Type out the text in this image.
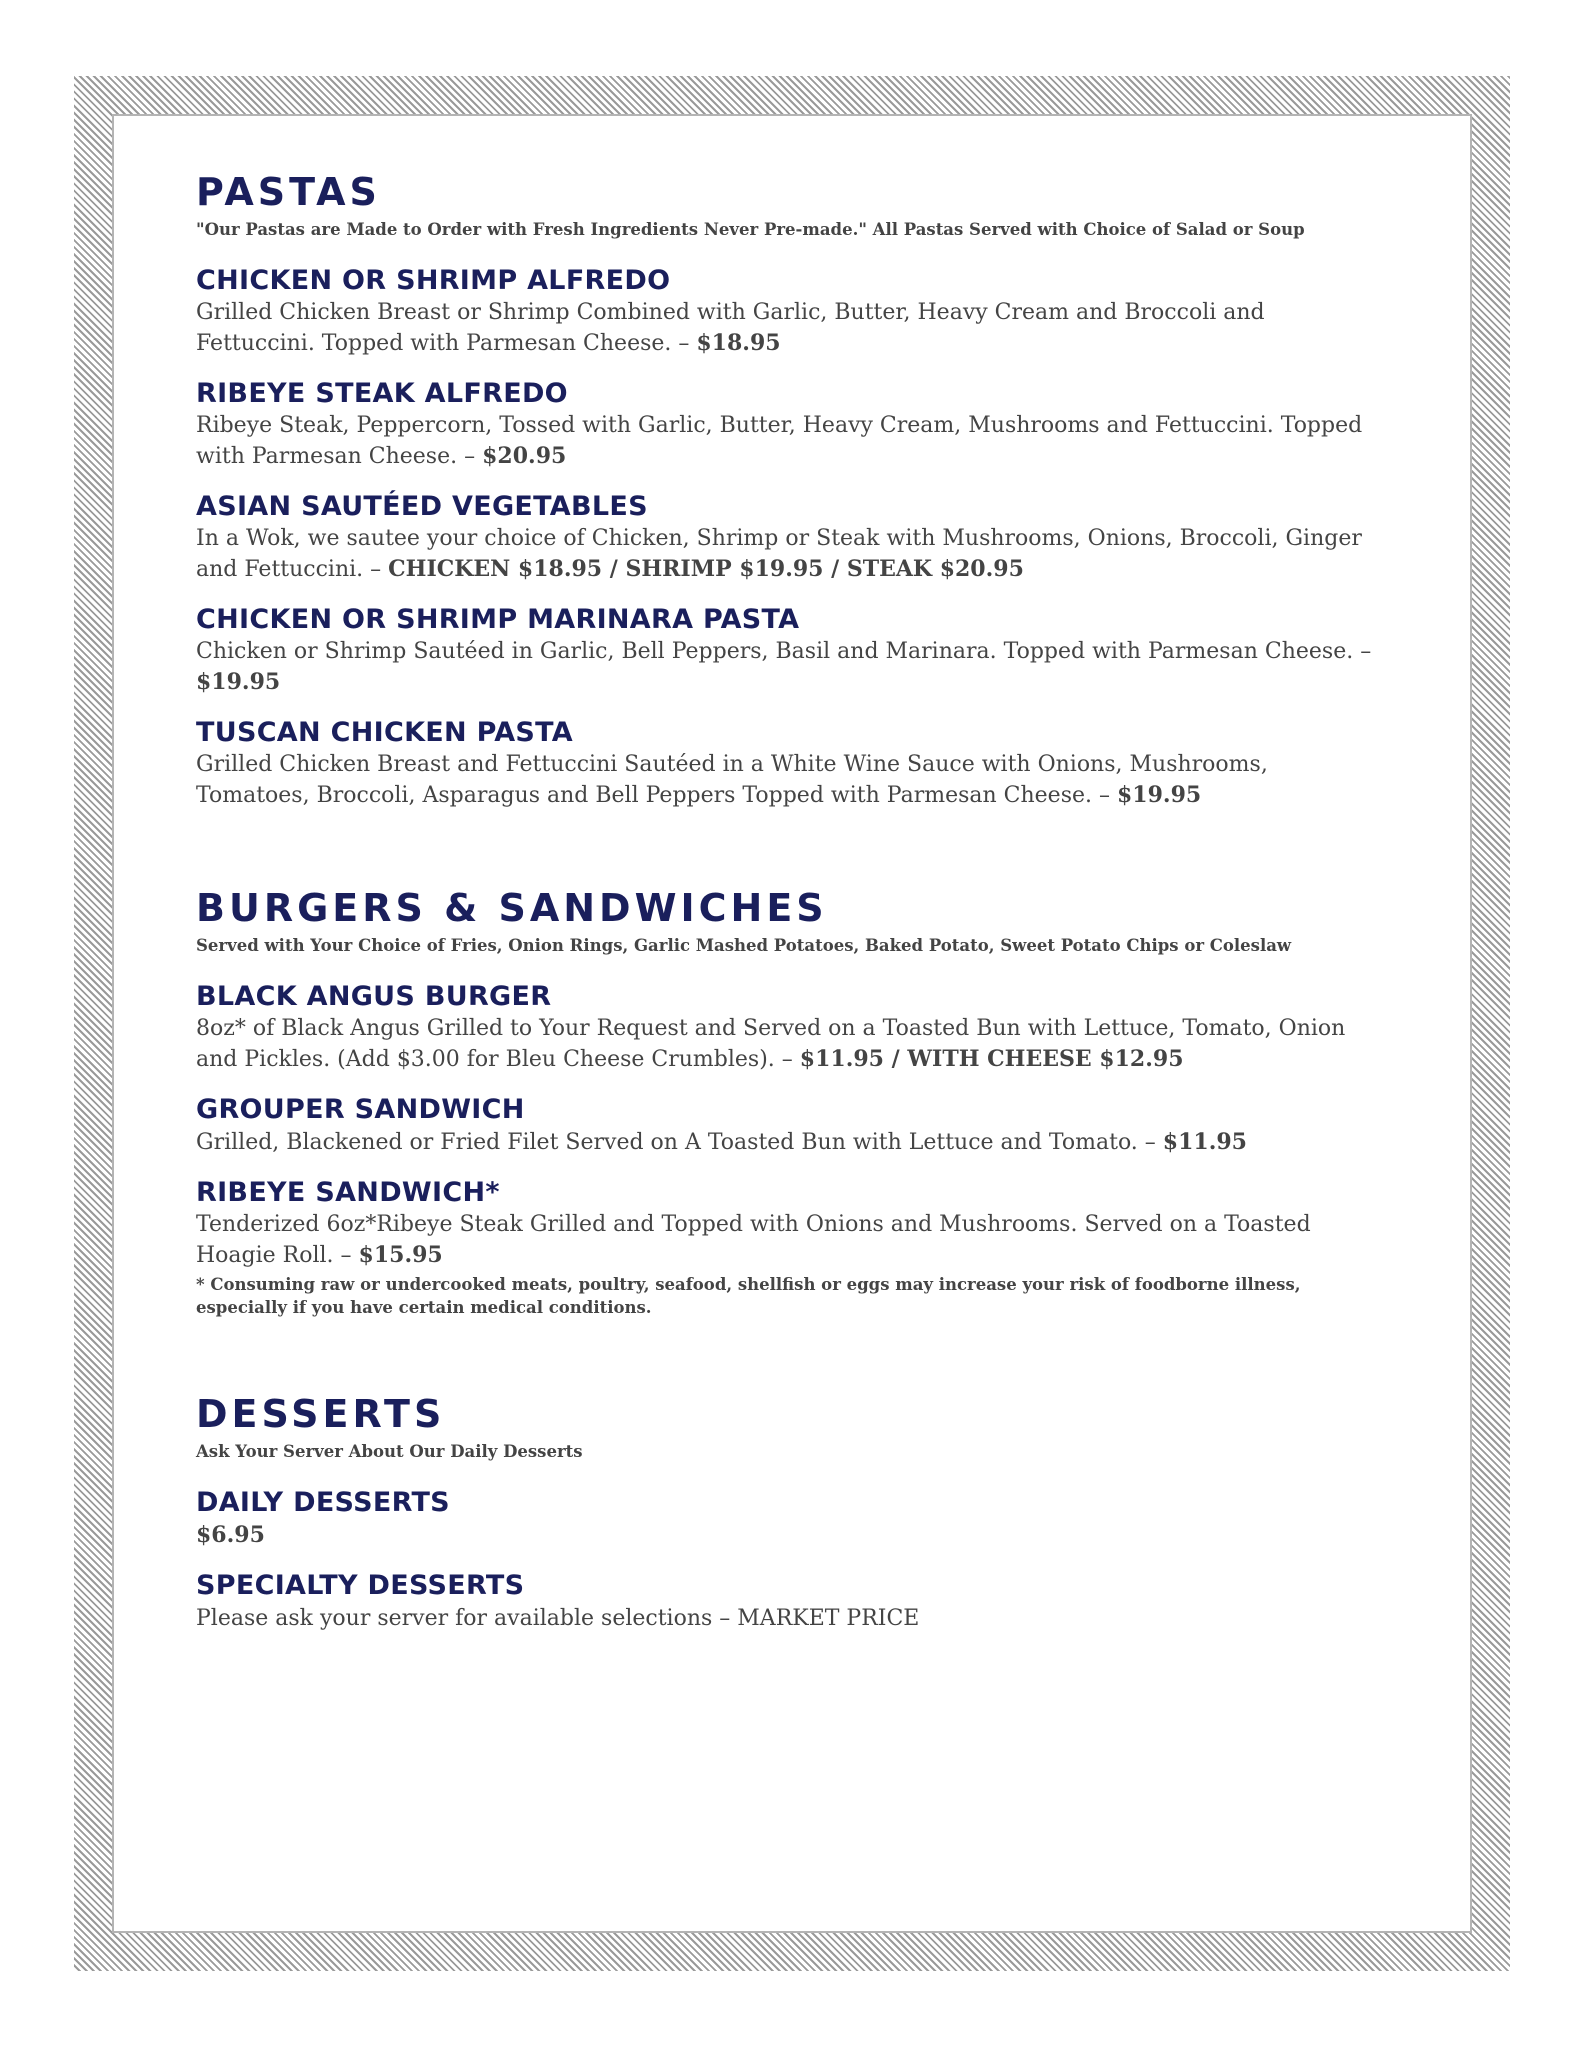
PASTAS

"Our Pastas are Made to Order with Fresh Ingredients Never Pre-made." All Pastas Served with Choice of Salad or Soup

CHICKEN OR SHRIMP ALFREDO

Grilled Chicken Breast or Shrimp Combined with Garlic, Butter, Heavy Cream and Broccoli and Fettuccini. Topped with Parmesan Cheese. – $18.95

RIBEYE STEAK ALFREDO

Ribeye Steak, Peppercorn, Tossed with Garlic, Butter, Heavy Cream, Mushrooms and Fettuccini. Topped with Parmesan Cheese. – $20.95

ASIAN SAUTÉED VEGETABLES

In a Wok, we sautee your choice of Chicken, Shrimp or Steak with Mushrooms, Onions, Broccoli, Ginger and Fettuccini. – CHICKEN $18.95 / SHRIMP $19.95 / STEAK $20.95

CHICKEN OR SHRIMP MARINARA PASTA

Chicken or Shrimp Sautéed in Garlic, Bell Peppers, Basil and Marinara. Topped with Parmesan Cheese. – $19.95

TUSCAN CHICKEN PASTA

Grilled Chicken Breast and Fettuccini Sautéed in a White Wine Sauce with Onions, Mushrooms, Tomatoes, Broccoli, Asparagus and Bell Peppers Topped with Parmesan Cheese. – $19.95

BURGERS & SANDWICHES

Served with Your Choice of Fries, Onion Rings, Garlic Mashed Potatoes, Baked Potato, Sweet Potato Chips or Coleslaw

BLACK ANGUS BURGER

8oz* of Black Angus Grilled to Your Request and Served on a Toasted Bun with Lettuce, Tomato, Onion and Pickles. (Add $3.00 for Bleu Cheese Crumbles). – $11.95 / WITH CHEESE $12.95

GROUPER SANDWICH

Grilled, Blackened or Fried Filet Served on A Toasted Bun with Lettuce and Tomato. – $11.95

RIBEYE SANDWICH*

Tenderized 6oz*Ribeye Steak Grilled and Topped with Onions and Mushrooms. Served on a Toasted Hoagie Roll. – $15.95

* Consuming raw or undercooked meats, poultry, seafood, shellfish or eggs may increase your risk of foodborne illness, especially if you have certain medical conditions.

DESSERTS

Ask Your Server About Our Daily Desserts

DAILY DESSERTS

$6.95

SPECIALTY DESSERTS

Please ask your server for available selections – MARKET PRICE
